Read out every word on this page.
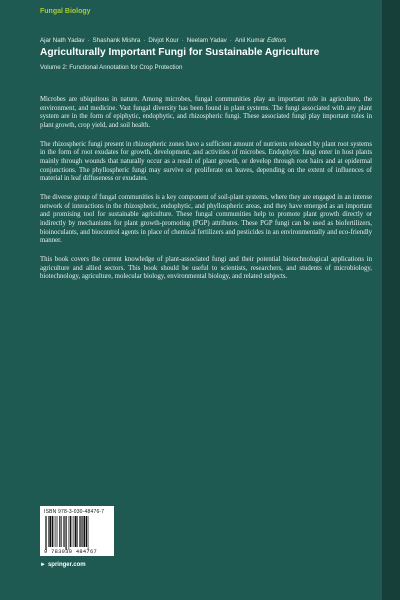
Fungal Biology

Ajar Nath Yadav · Shashank Mishra · Divjot Kour · Neelam Yadav · Anil Kumar Editors

Agriculturally Important Fungi for Sustainable Agriculture

Volume 2: Functional Annotation for Crop Protection

Microbes are ubiquitous in nature. Among microbes, fungal communities play an important role in agriculture, the environment, and medicine. Vast fungal diversity has been found in plant systems. The fungi associated with any plant system are in the form of epiphytic, endophytic, and rhizospheric fungi. These associated fungi play important roles in plant growth, crop yield, and soil health.

The rhizospheric fungi present in rhizospheric zones have a sufficient amount of nutrients released by plant root systems in the form of root exudates for growth, development, and activities of microbes. Endophytic fungi enter in host plants mainly through wounds that naturally occur as a result of plant growth, or develop through root hairs and at epidermal conjunctions. The phyllospheric fungi may survive or proliferate on leaves, depending on the extent of influences of material in leaf diffuseness or exudates.

The diverse group of fungal communities is a key component of soil-plant systems, where they are engaged in an intense network of interactions in the rhizospheric, endophytic, and phyllospheric areas, and they have emerged as an important and promising tool for sustainable agriculture. These fungal communities help to promote plant growth directly or indirectly by mechanisms for plant growth-promoting (PGP) attributes. These PGP fungi can be used as biofertilizers, bioinoculants, and biocontrol agents in place of chemical fertilizers and pesticides in an environmentally and eco-friendly manner.

This book covers the current knowledge of plant-associated fungi and their potential biotechnological applications in agriculture and allied sectors. This book should be useful to scientists, researchers, and students of microbiology, biotechnology, agriculture, molecular biology, environmental biology, and related subjects.

ISBN 978-3-030-48476-7
9 783030 484767

► springer.com
